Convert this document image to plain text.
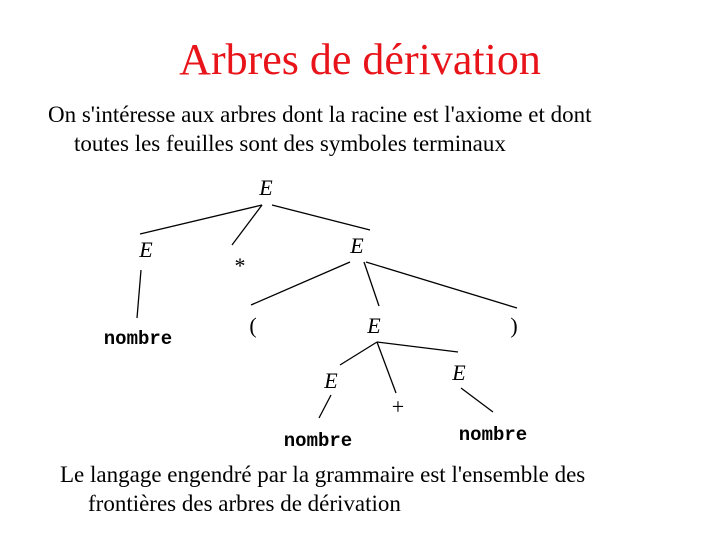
Arbres de dérivation
On s'intéresse aux arbres dont la racine est l'axiome et dont
toutes les feuilles sont des symboles terminaux
E
E
*
E
nombre
(	E	)
E
+
E
nombre	nombre
Le langage engendré par la grammaire est l'ensemble des
frontières des arbres de dérivation
